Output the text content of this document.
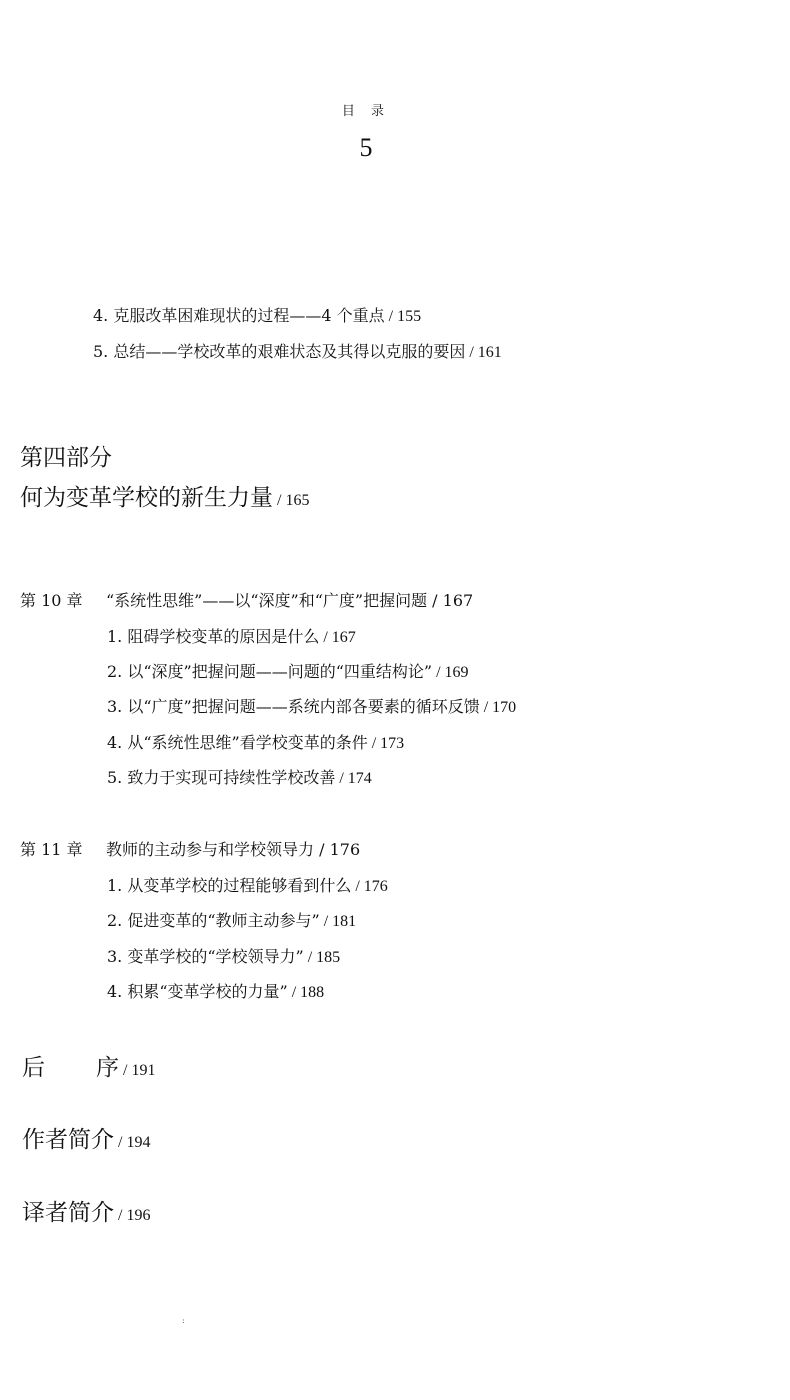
目 录
5
4. 克服改革困难现状的过程——4 个重点 / 155
5. 总结——学校改革的艰难状态及其得以克服的要因 / 161
第四部分
何为变革学校的新生力量 / 165
第 10 章 “系统性思维”——以“深度”和“广度”把握问题 / 167
1. 阻碍学校变革的原因是什么 / 167
2. 以“深度”把握问题——问题的“四重结构论” / 169
3. 以“广度”把握问题——系统内部各要素的循环反馈 / 170
4. 从“系统性思维”看学校变革的条件 / 173
5. 致力于实现可持续性学校改善 / 174
第 11 章 教师的主动参与和学校领导力 / 176
1. 从变革学校的过程能够看到什么 / 176
2. 促进变革的“教师主动参与” / 181
3. 变革学校的“学校领导力” / 185
4. 积累“变革学校的力量” / 188
后 序 / 191
作者简介 / 194
译者简介 / 196
:
